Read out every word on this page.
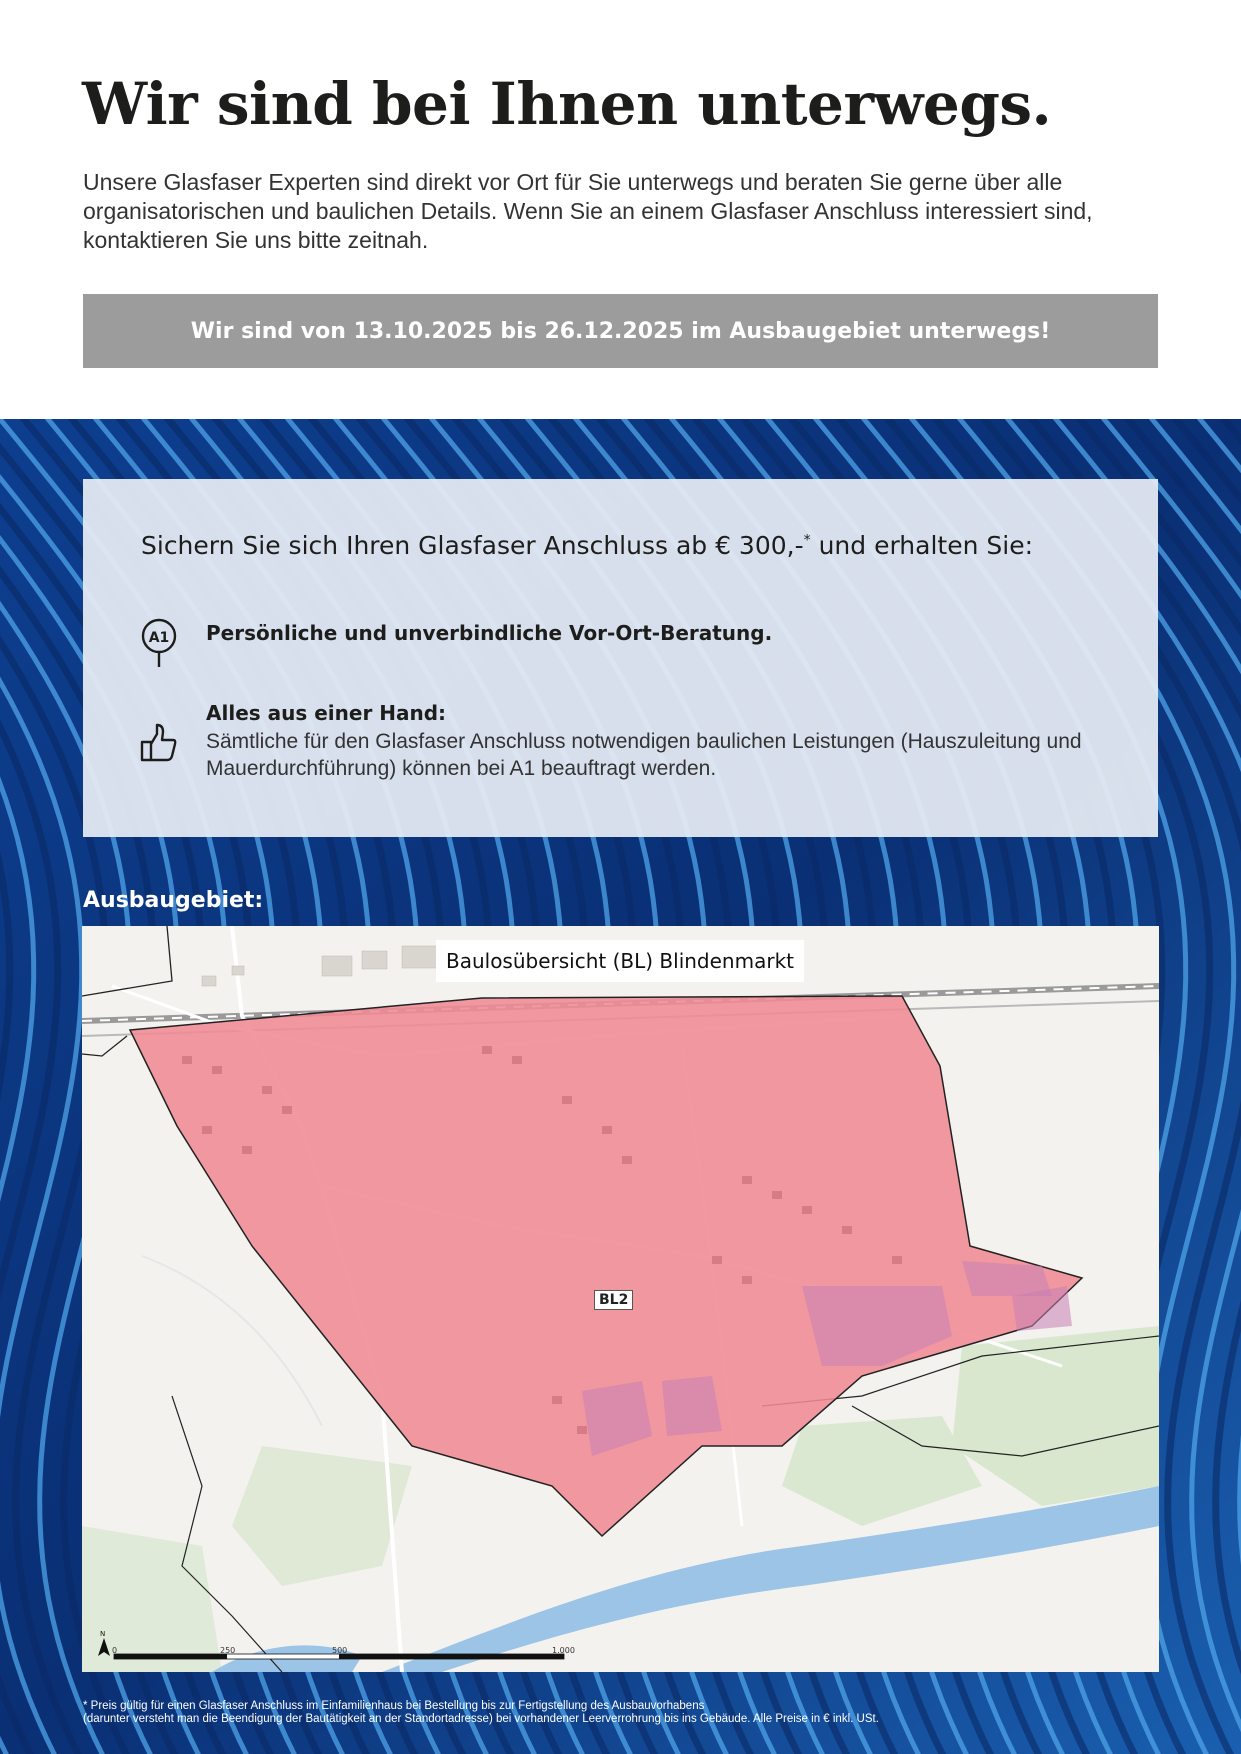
Wir sind bei Ihnen unterwegs.

Unsere Glasfaser Experten sind direkt vor Ort für Sie unterwegs und beraten Sie gerne über alle organisatorischen und baulichen Details. Wenn Sie an einem Glasfaser Anschluss interessiert sind, kontaktieren Sie uns bitte zeitnah.

Wir sind von 13.10.2025 bis 26.12.2025 im Ausbaugebiet unterwegs!
Sichern Sie sich Ihren Glasfaser Anschluss ab € 300,-* und erhalten Sie:
A1 Persönliche und unverbindliche Vor-Ort-Beratung.
Alles aus einer Hand:
Sämtliche für den Glasfaser Anschluss notwendigen baulichen Leistungen (Hauszuleitung und Mauerdurchführung) können bei A1 beauftragt werden.
Ausbaugebiet:
N
Baulosübersicht (BL) Blindenmarkt
BL2
0	250	500	1.000
* Preis gültig für einen Glasfaser Anschluss im Einfamilienhaus bei Bestellung bis zur Fertigstellung des Ausbauvorhabens
(darunter versteht man die Beendigung der Bautätigkeit an der Standortadresse) bei vorhandener Leerverrohrung bis ins Gebäude. Alle Preise in € inkl. USt.
